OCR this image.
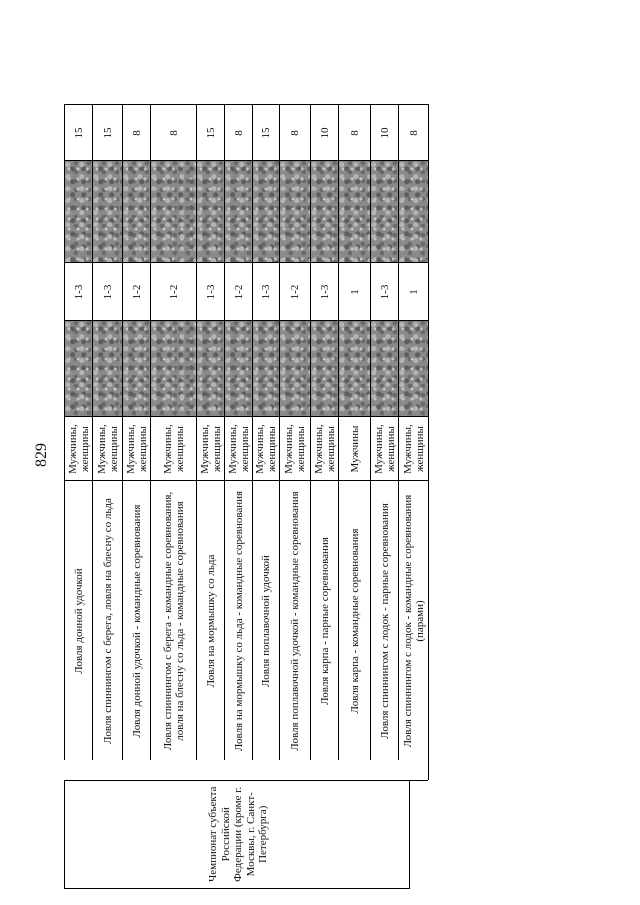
829
15
1-3
Мужчины, женщины
Ловля донной удочкой
15
1-3
Мужчины, женщины
Ловля спиннингом с берега, ловля на блесну со льда
8
1-2
Мужчины, женщины
Ловля донной удочкой - командные соревнования
8
1-2
Мужчины, женщины
Ловля спиннингом с берега - командные соревнования, ловля на блесну со льда - командные соревнования
15
1-3
Мужчины, женщины
Ловля на мормышку со льда
8
1-2
Мужчины, женщины
Ловля на мормышку со льда - командные соревнования
15
1-3
Мужчины, женщины
Ловля поплавочной удочкой
8
1-2
Мужчины, женщины
Ловля поплавочной удочкой - командные соревнования
10
1-3
Мужчины, женщины
Ловля карпа - парные соревнования
8
1
Мужчины
Ловля карпа - командные соревнования
10
1-3
Мужчины, женщины
Ловля спиннингом с лодок - парные соревнования
8
1
Мужчины, женщины
Ловля спиннингом с лодок - командные соревнования (парами)
Чемпионат субъекта Российской Федерации (кроме г. Москвы, г. Санкт-Петербурга)
